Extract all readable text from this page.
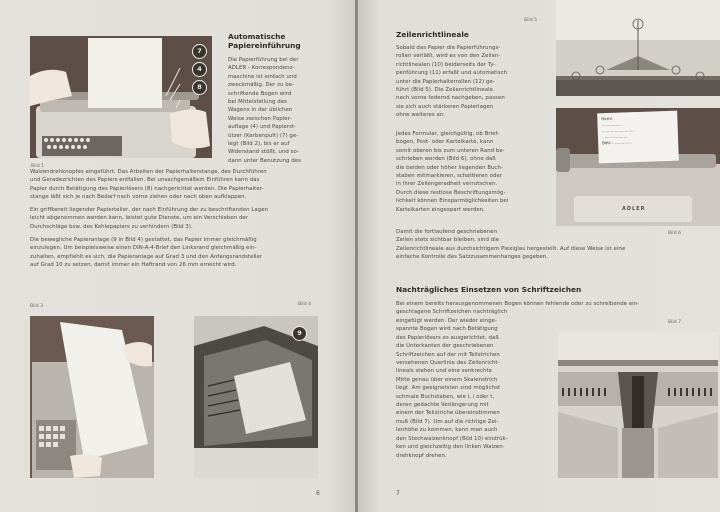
7
4
8
Bild 1
Automatische
Papiereinführung
Die Papierführung bei der
ADLER - Korrespondenz-
maschine ist einfach und
zweckmäßig. Der zu be-
schriftende Bogen wird
bei Mittelstellung des
Wagens in der üblichen
Weise zwischen Papier-
auflage (4) und Papierst-
ützer (Kerbenpult) (7) ge-
legt (Bild 2), bis er auf
Widerstand stößt, und so-
dann unter Benutzung des
Walzendrehknopfes eingeführt. Das Arbeiten der Papierhalterstange, des Durchführen
und Geradezrichten des Papiers entfallen. Bei unsachgemäßem Einführen kann das
Papier durch Betätigung des Papierlösers (8) nachgerichtet werden. Die Papierhalter-
stange läßt sich je nach Bedarf nach vorne ziehen oder nach oben aufklappen.
Ein griffbereit liegender Papierteiler, der nach Einführung der zu beschriftenden Lagen
leicht abgenommen werden kann, leistet gute Dienste, um ein Verschieben der
Durchschläge bzw. des Kohlepapiers zu verhindern (Bild 3).
Die bewegliche Papieranlage (9 in Bild 4) gestattet, das Papier immer gleichmäßig
einzulegen. Um beispielsweise einen DIN-A-4-Brief den Linksrand gleichmäßig ein-
zuhalten, empfiehlt es sich, die Papieranlage auf Grad 3 und den Anfangsrandsteller
auf Grad 10 zu setzen, damit immer ein Heftrand von 26 mm erreicht wird.
Bild 3	Bild 4
9
6
Zeilenrichtlineale
Bild 5
Sobald das Papier die Papierführungs-
rollen verläßt, wird es von den Zeilen-
richtlinealen (10) beiderseits der Ty-
penführung (11) erfaßt und automatisch
unter die Papierhalterrollen (12) ge-
führt (Bild 5). Die Zeilenrichtlineale
nach vorne federnd nachgeben, passen
sie sich auch stärkeren Papierlagen
ohne weiteres an.
Jedes Formular, gleichgültig, ob Brief-
bogen, Post- oder Karteikarte, kann
somit oberen bis zum unteren Rand be-
schrieben werden (Bild 6), ohne daß
die beiden oder höher liegenden Buch-
staben mitmarkieren, schattieren oder
in ihrer Zeilengeradheit verrutschen.
Durch diese restlose Beschriftungsmög-
lichkeit können Einsparmöglichkeiten bei
Karteikarten eingespart werden.
Damit die fortlaufend geschriebenen
Zeilen stets sichtbar bleiben, sind die
Zeilenrichtlineale aus durchsichtigem Plexiglas hergestellt. Auf diese Weise ist eine
einfache Kontrolle des Satzzusammenhanges gegeben.
Herrn
...............
..........................
....................
Betr.: ..............
ADLER
Bild 6
Nachträgliches Einsetzen von Schriftzeichen
Bei einem bereits herausgenommenen Bogen können fehlende oder zu schreibende ein-
geschlagene Schriftzeichen nachträglich
eingefügt werden. Der wieder einge-
spannte Bogen wird nach Betätigung
des Papierlösers so ausgerichtet, daß
die Unterkanten der geschriebenen
Schriftzeichen auf der mit Teilstrichen
versehenen Querlinie des Zeilenricht-
lineals stehen und eine senkrechte
Mitte genau über einem Skalenstrich
liegt. Am geeignetsten sind möglichst
schmale Buchstaben, wie l, i oder t,
deren gedachte Verlängerung mit
einem der Teilstriche übereinstimmen
muß (Bild 7). Um auf die richtige Zei-
lenhöhe zu kommen, kann man auch
den Stechwalzenknopf (Bild 10) eindrük-
ken und gleichzeitig den linken Walzen-
drehknopf drehen.
Bild 7
7
